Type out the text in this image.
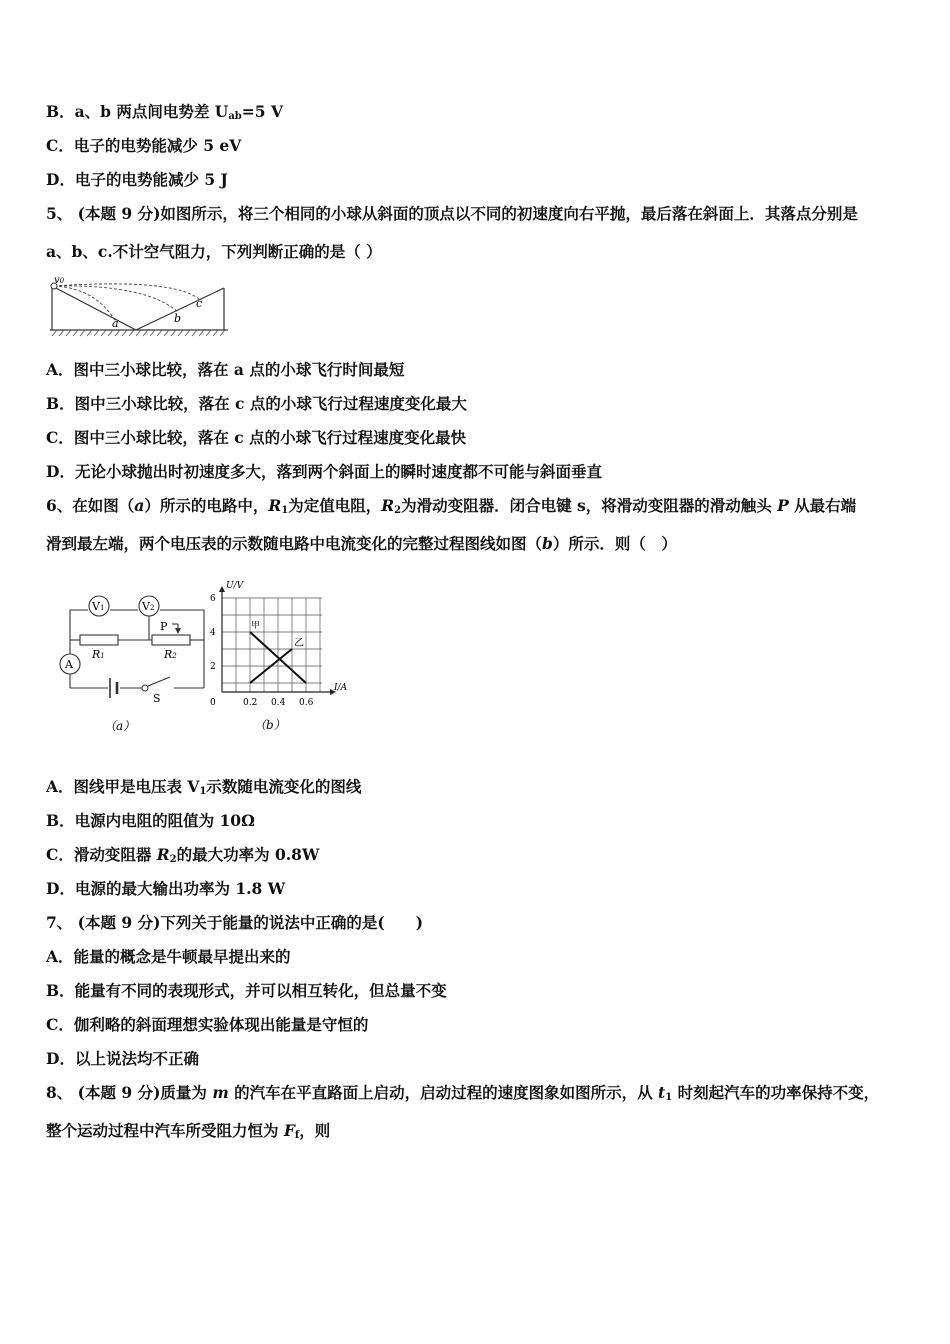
B．a、b 两点间电势差 $U_{ab}=5$ V
C．电子的电势能减少 5 eV
D．电子的电势能减少 5 J
5、 (本题 9 分)如图所示，将三个相同的小球从斜面的顶点以不同的初速度向右平抛，最后落在斜面上．其落点分别是
a、b、c.不计空气阻力，下列判断正确的是（ ）
v0
a	b
c
A．图中三小球比较，落在 a 点的小球飞行时间最短
B．图中三小球比较，落在 c 点的小球飞行过程速度变化最大
C．图中三小球比较，落在 c 点的小球飞行过程速度变化最快
D．无论小球抛出时初速度多大，落到两个斜面上的瞬时速度都不可能与斜面垂直
6、在如图（a）所示的电路中，$R_1$为定值电阻，$R_2$为滑动变阻器．闭合电键 s，将滑动变阻器的滑动触头 P 从最右端
滑到最左端，两个电压表的示数随电路中电流变化的完整过程图线如图（b）所示．则（　）
V1	V2
A
P
R1	R2
S
（a）
U/V
I/A
6
4
2
0	0.2 0.4 0.6
甲
乙
（b）
A．图线甲是电压表 $V_1$示数随电流变化的图线
B．电源内电阻的阻值为 10Ω
C．滑动变阻器 $R_2$的最大功率为 0.8W
D．电源的最大输出功率为 1.8 W
7、 (本题 9 分)下列关于能量的说法中正确的是(　　)
A．能量的概念是牛顿最早提出来的
B．能量有不同的表现形式，并可以相互转化，但总量不变
C．伽利略的斜面理想实验体现出能量是守恒的
D．以上说法均不正确
8、 (本题 9 分)质量为 m 的汽车在平直路面上启动，启动过程的速度图象如图所示，从 $t_1$ 时刻起汽车的功率保持不变，
整个运动过程中汽车所受阻力恒为 $F_f$，则
